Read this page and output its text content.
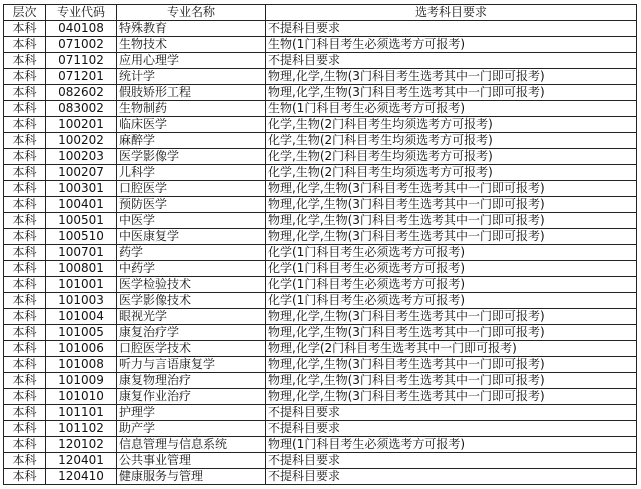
层次	专业代码	专业名称	选考科目要求
本科	040108	特殊教育	不提科目要求
本科	071002	生物技术	生物(1门科目考生必须选考方可报考)
本科	071102	应用心理学	不提科目要求
本科	071201	统计学	物理,化学,生物(3门科目考生选考其中一门即可报考)
本科	082602	假肢矫形工程	物理,化学,生物(3门科目考生选考其中一门即可报考)
本科	083002	生物制药	生物(1门科目考生必须选考方可报考)
本科	100201	临床医学	化学,生物(2门科目考生均须选考方可报考)
本科	100202	麻醉学	化学,生物(2门科目考生均须选考方可报考)
本科	100203	医学影像学	化学,生物(2门科目考生均须选考方可报考)
本科	100207	儿科学	化学,生物(2门科目考生均须选考方可报考)
本科	100301	口腔医学	物理,化学,生物(3门科目考生选考其中一门即可报考)
本科	100401	预防医学	物理,化学,生物(3门科目考生选考其中一门即可报考)
本科	100501	中医学	物理,化学,生物(3门科目考生选考其中一门即可报考)
本科	100510	中医康复学	物理,化学,生物(3门科目考生选考其中一门即可报考)
本科	100701	药学	化学(1门科目考生必须选考方可报考)
本科	100801	中药学	化学(1门科目考生必须选考方可报考)
本科	101001	医学检验技术	化学(1门科目考生必须选考方可报考)
本科	101003	医学影像技术	化学(1门科目考生必须选考方可报考)
本科	101004	眼视光学	物理,化学,生物(3门科目考生选考其中一门即可报考)
本科	101005	康复治疗学	物理,化学,生物(3门科目考生选考其中一门即可报考)
本科	101006	口腔医学技术	物理,化学(2门科目考生选考其中一门即可报考)
本科	101008	听力与言语康复学	物理,化学,生物(3门科目考生选考其中一门即可报考)
本科	101009	康复物理治疗	物理,化学,生物(3门科目考生选考其中一门即可报考)
本科	101010	康复作业治疗	物理,化学,生物(3门科目考生选考其中一门即可报考)
本科	101101	护理学	不提科目要求
本科	101102	助产学	不提科目要求
本科	120102	信息管理与信息系统	物理(1门科目考生必须选考方可报考)
本科	120401	公共事业管理	不提科目要求
本科	120410	健康服务与管理	不提科目要求
